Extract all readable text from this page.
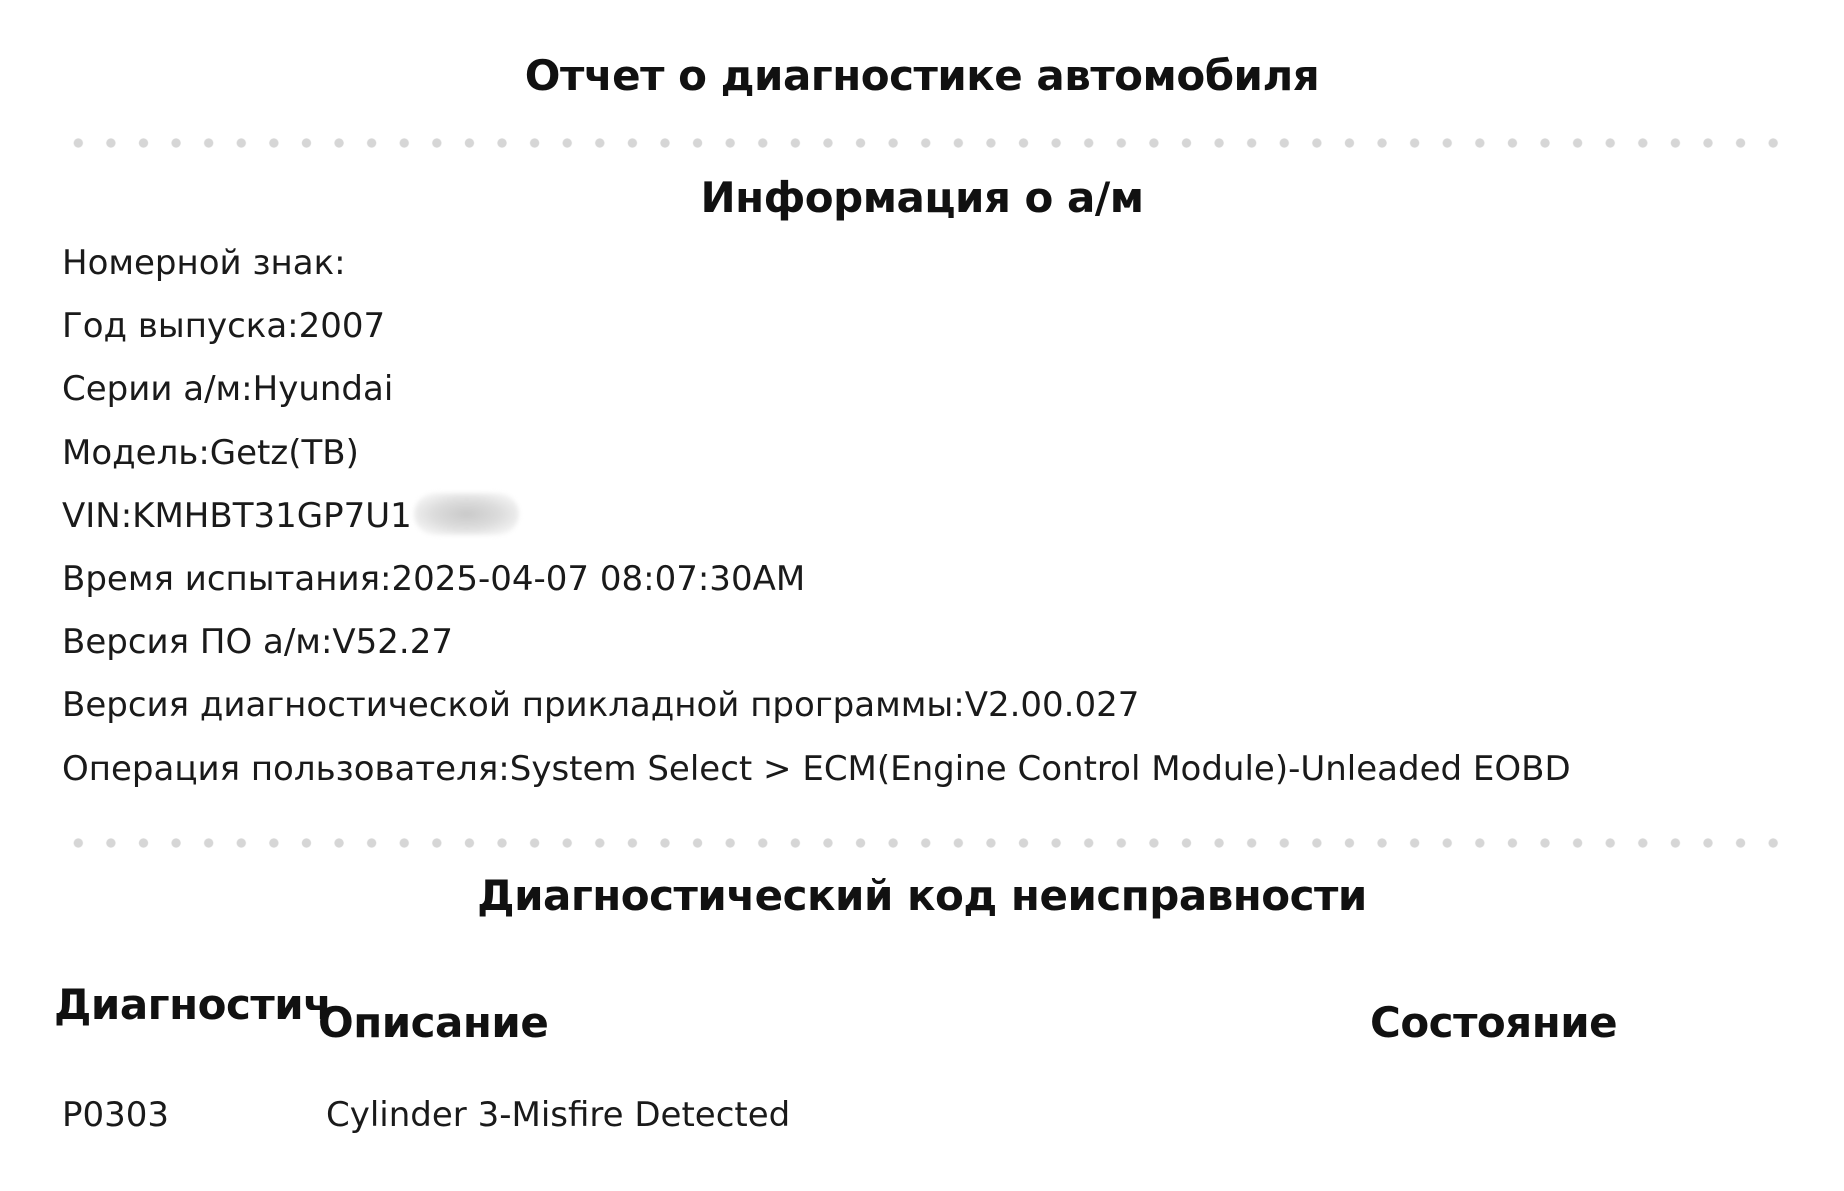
Отчет о диагностике автомобиля
Информация о а/м
Номерной знак:
Год выпуска:2007
Серии а/м:Hyundai
Модель:Getz(TB)
VIN:KMHBT31GP7U1
Время испытания:2025-04-07 08:07:30AM
Версия ПО а/м:V52.27
Версия диагностической прикладной программы:V2.00.027
Операция пользователя:System Select > ECM(Engine Control Module)-Unleaded EOBD
Диагностический код неисправности
Диагностич
Описание	Состояние
P0303	Cylinder 3-Misfire Detected
